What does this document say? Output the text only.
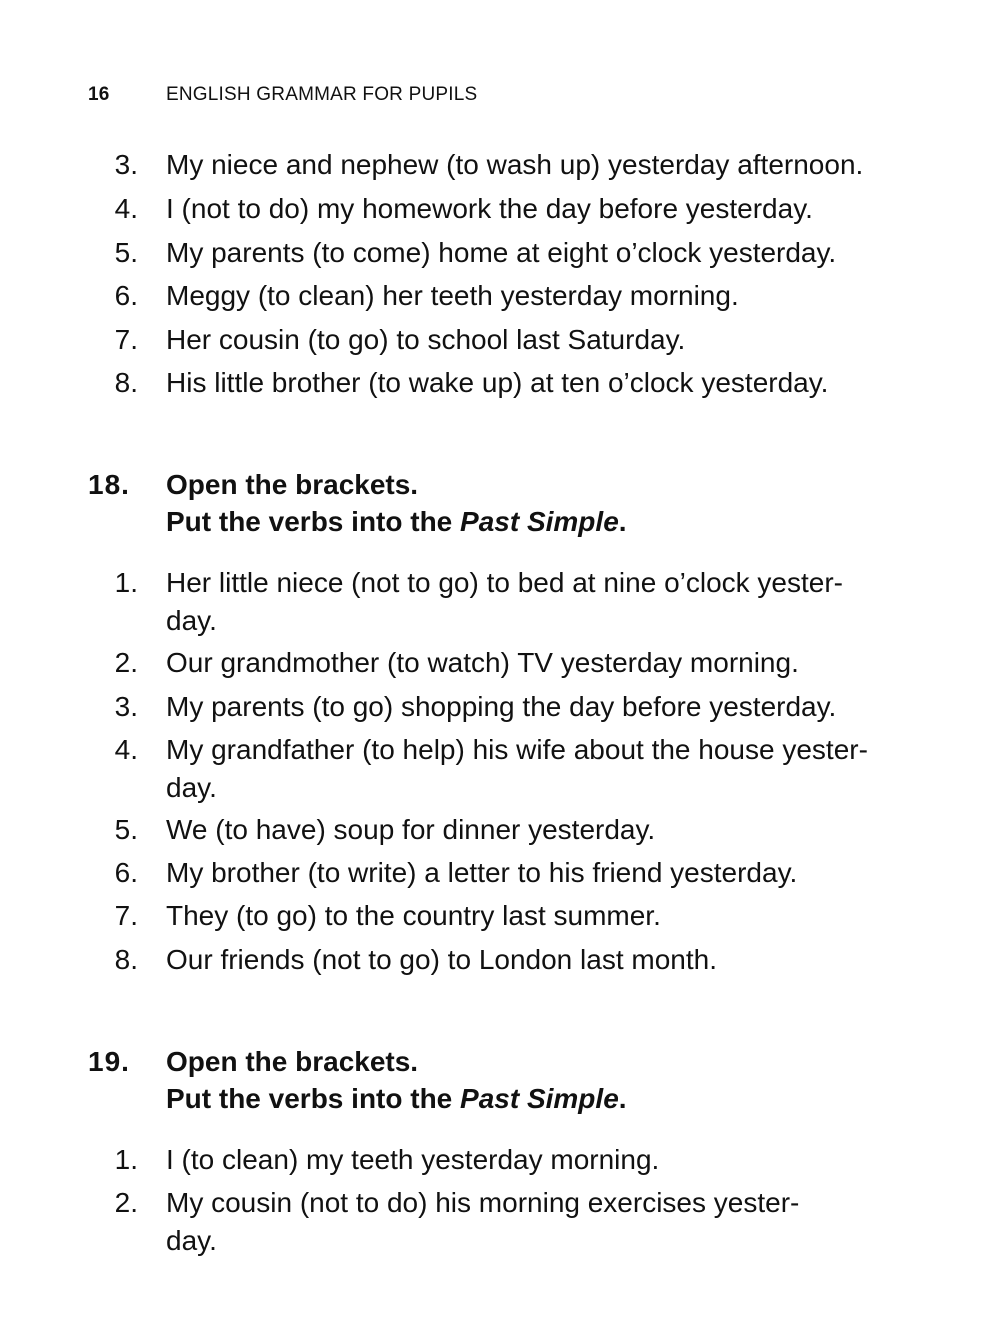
16	ENGLISH GRAMMAR FOR PUPILS
3. My niece and nephew (to wash up) yesterday afternoon.
4. I (not to do) my homework the day before yesterday.
5. My parents (to come) home at eight o’clock yesterday.
6. Meggy (to clean) her teeth yesterday morning.
7. Her cousin (to go) to school last Saturday.
8. His little brother (to wake up) at ten o’clock yesterday.
18. Open the brackets.
Put the verbs into the Past Simple.
1. Her little niece (not to go) to bed at nine o’clock yester-
day.
2. Our grandmother (to watch) TV yesterday morning.
3. My parents (to go) shopping the day before yesterday.
4. My grandfather (to help) his wife about the house yester-
day.
5. We (to have) soup for dinner yesterday.
6. My brother (to write) a letter to his friend yesterday.
7. They (to go) to the country last summer.
8. Our friends (not to go) to London last month.
19. Open the brackets.
Put the verbs into the Past Simple.
1. I (to clean) my teeth yesterday morning.
2. My cousin (not to do) his morning exercises yester-
day.
